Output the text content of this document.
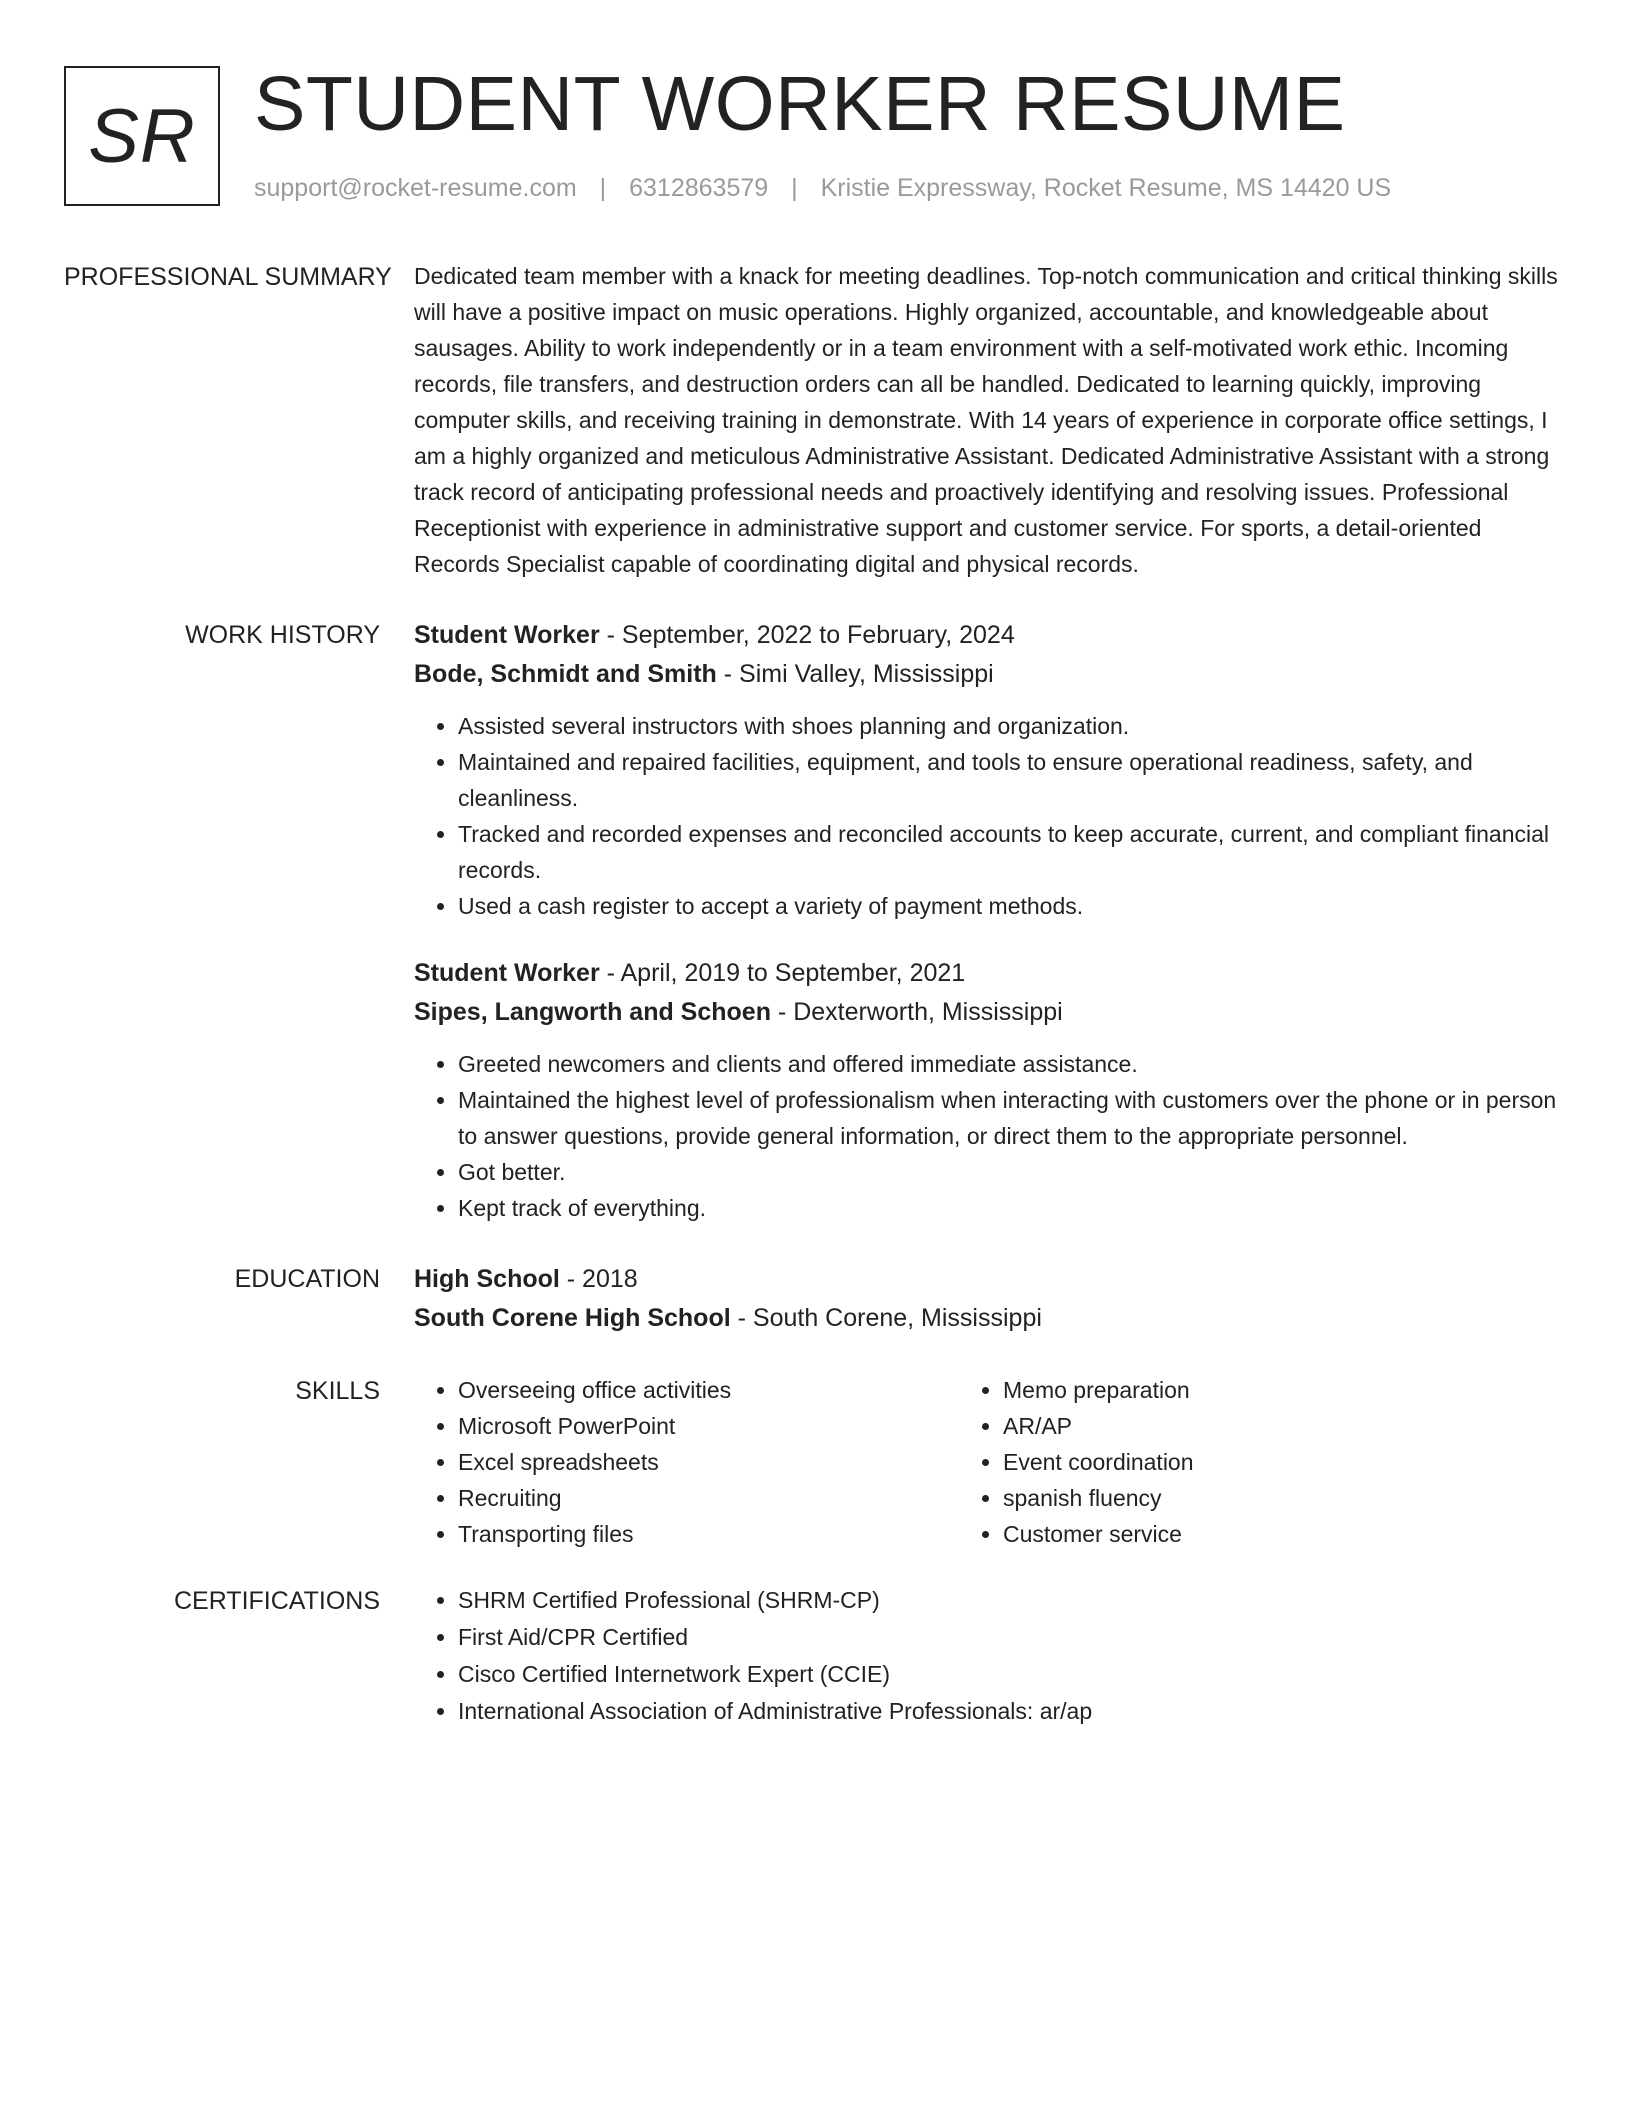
SR STUDENT WORKER RESUME
support@rocket-resume.com | 6312863579 | Kristie Expressway, Rocket Resume, MS 14420 US
PROFESSIONAL SUMMARY Dedicated team member with a knack for meeting deadlines. Top-notch communication and critical thinking skills will have a positive impact on music operations. Highly organized, accountable, and knowledgeable about sausages. Ability to work independently or in a team environment with a self-motivated work ethic. Incoming records, file transfers, and destruction orders can all be handled. Dedicated to learning quickly, improving computer skills, and receiving training in demonstrate. With 14 years of experience in corporate office settings, I am a highly organized and meticulous Administrative Assistant. Dedicated Administrative Assistant with a strong track record of anticipating professional needs and proactively identifying and resolving issues. Professional Receptionist with experience in administrative support and customer service. For sports, a detail-oriented Records Specialist capable of coordinating digital and physical records.

WORK HISTORY	Student Worker - September, 2022 to February, 2024
Bode, Schmidt and Smith - Simi Valley, Mississippi
• Assisted several instructors with shoes planning and organization.
• Maintained and repaired facilities, equipment, and tools to ensure operational readiness, safety, and cleanliness.
• Tracked and recorded expenses and reconciled accounts to keep accurate, current, and compliant financial records.
• Used a cash register to accept a variety of payment methods.
Student Worker - April, 2019 to September, 2021
Sipes, Langworth and Schoen - Dexterworth, Mississippi
• Greeted newcomers and clients and offered immediate assistance.
• Maintained the highest level of professionalism when interacting with customers over the phone or in person to answer questions, provide general information, or direct them to the appropriate personnel.
• Got better.
• Kept track of everything.
EDUCATION	High School - 2018
South Corene High School - South Corene, Mississippi
SKILLS	• Overseeing office activities
• Microsoft PowerPoint
• Excel spreadsheets
• Recruiting
• Transporting files
• Memo preparation
• AR/AP
• Event coordination
• spanish fluency
• Customer service
CERTIFICATIONS	• SHRM Certified Professional (SHRM-CP)
• First Aid/CPR Certified
• Cisco Certified Internetwork Expert (CCIE)
• International Association of Administrative Professionals: ar/ap
